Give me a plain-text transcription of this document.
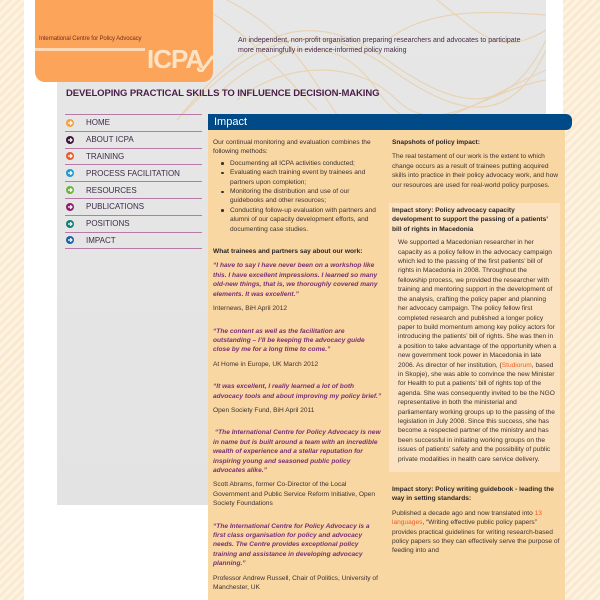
International Centre for Policy Advocacy
ICPA
An independent, non-profit organisation preparing researchers and advocates to participate more meaningfully in evidence-informed policy making
DEVELOPING PRACTICAL SKILLS TO INFLUENCE DECISION-MAKING
HOME
ABOUT ICPA
TRAINING
PROCESS FACILITATION
RESOURCES
PUBLICATIONS
POSITIONS
IMPACT
Impact

Our continual monitoring and evaluation combines the following methods:

Documenting all ICPA activities conducted;
Evaluating each training event by trainees and partners upon completion;
Monitoring the distribution and use of our guidebooks and other resources;
Conducting follow-up evaluation with partners and alumni of our capacity development efforts, and documenting case studies.

What trainees and partners say about our work:

“I have to say I have never been on a workshop like this. I have excellent impressions. I learned so many old-new things, that is, we thoroughly covered many elements. It was excellent.”

Internews, BiH April 2012

“The content as well as the facilitation are outstanding – I’ll be keeping the advocacy guide close by me for a long time to come.”

At Home in Europe, UK March 2012

“It was excellent, I really learned a lot of both advocacy tools and about improving my policy brief.”

Open Society Fund, BiH April 2011

“The International Centre for Policy Advocacy is new in name but is built around a team with an incredible wealth of experience and a stellar reputation for inspiring young and seasoned public policy advocates alike.”

Scott Abrams, former Co-Director of the Local Government and Public Service Reform Initiative, Open Society Foundations

“The International Centre for Policy Advocacy is a first class organisation for policy and advocacy needs. The Centre provides exceptional policy training and assistance in developing advocacy planning.”

Professor Andrew Russell, Chair of Politics, University of Manchester, UK

Snapshots of policy impact:

The real testament of our work is the extent to which change occurs as a result of trainees putting acquired skills into practice in their policy advocacy work, and how our resources are used for real-world policy purposes.

Impact story: Policy advocacy capacity development to support the passing of a patients’ bill of rights in Macedonia

We supported a Macedonian researcher in her capacity as a policy fellow in the advocacy campaign which led to the passing of the first patients’ bill of rights in Macedonia in 2008. Throughout the fellowship process, we provided the researcher with training and mentoring support in the development of the analysis, crafting the policy paper and planning her advocacy campaign. The policy fellow first completed research and published a longer policy paper to build momentum among key policy actors for introducing the patients’ bill of rights. She was then in a position to take advantage of the opportunity when a new government took power in Macedonia in late 2006. As director of her institution, (Studiorum, based in Skopje), she was able to convince the new Minister for Health to put a patients’ bill of rights top of the agenda. She was consequently invited to be the NGO representative in both the ministerial and parliamentary working groups up to the passing of the legislation in July 2008. Since this success, she has become a respected partner of the ministry and has been successful in initiating working groups on the issues of patients’ safety and the possibility of public private modalities in health care service delivery.

Impact story: Policy writing guidebook - leading the way in setting standards:

Published a decade ago and now translated into 13 languages, “Writing effective public policy papers” provides practical guidelines for writing research-based policy papers so they can effectively serve the purpose of feeding into and
